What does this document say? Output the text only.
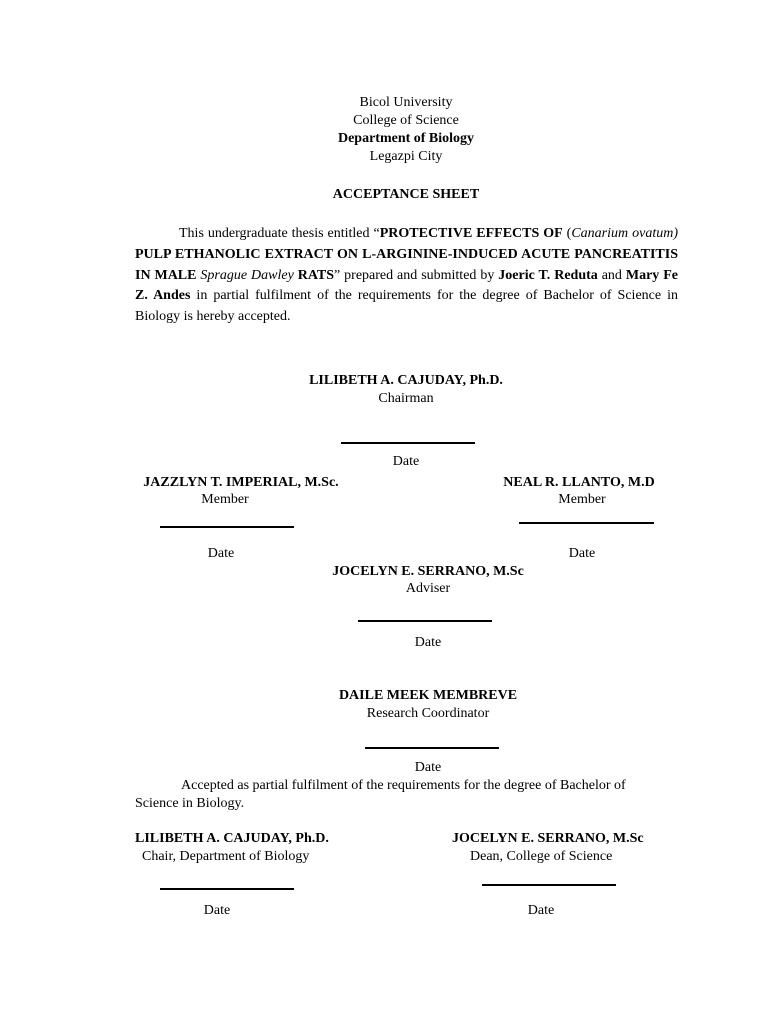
Bicol University
College of Science
Department of Biology
Legazpi City
ACCEPTANCE SHEET
This undergraduate thesis entitled “PROTECTIVE EFFECTS OF (Canarium ovatum) PULP ETHANOLIC EXTRACT ON L-ARGININE-INDUCED ACUTE PANCREATITIS IN MALE Sprague Dawley RATS” prepared and submitted by Joeric T. Reduta and Mary Fe Z. Andes in partial fulfilment of the requirements for the degree of Bachelor of Science in Biology is hereby accepted.
LILIBETH A. CAJUDAY, Ph.D.
Chairman
Date
JAZZLYN T. IMPERIAL, M.Sc.
Member
Date
NEAL R. LLANTO, M.D
Member
Date
JOCELYN E. SERRANO, M.Sc
Adviser
Date
DAILE MEEK MEMBREVE
Research Coordinator
Date
Accepted as partial fulfilment of the requirements for the degree of Bachelor of Science in Biology.
LILIBETH A. CAJUDAY, Ph.D.
Chair, Department of Biology
Date
JOCELYN E. SERRANO, M.Sc
Dean, College of Science
Date
